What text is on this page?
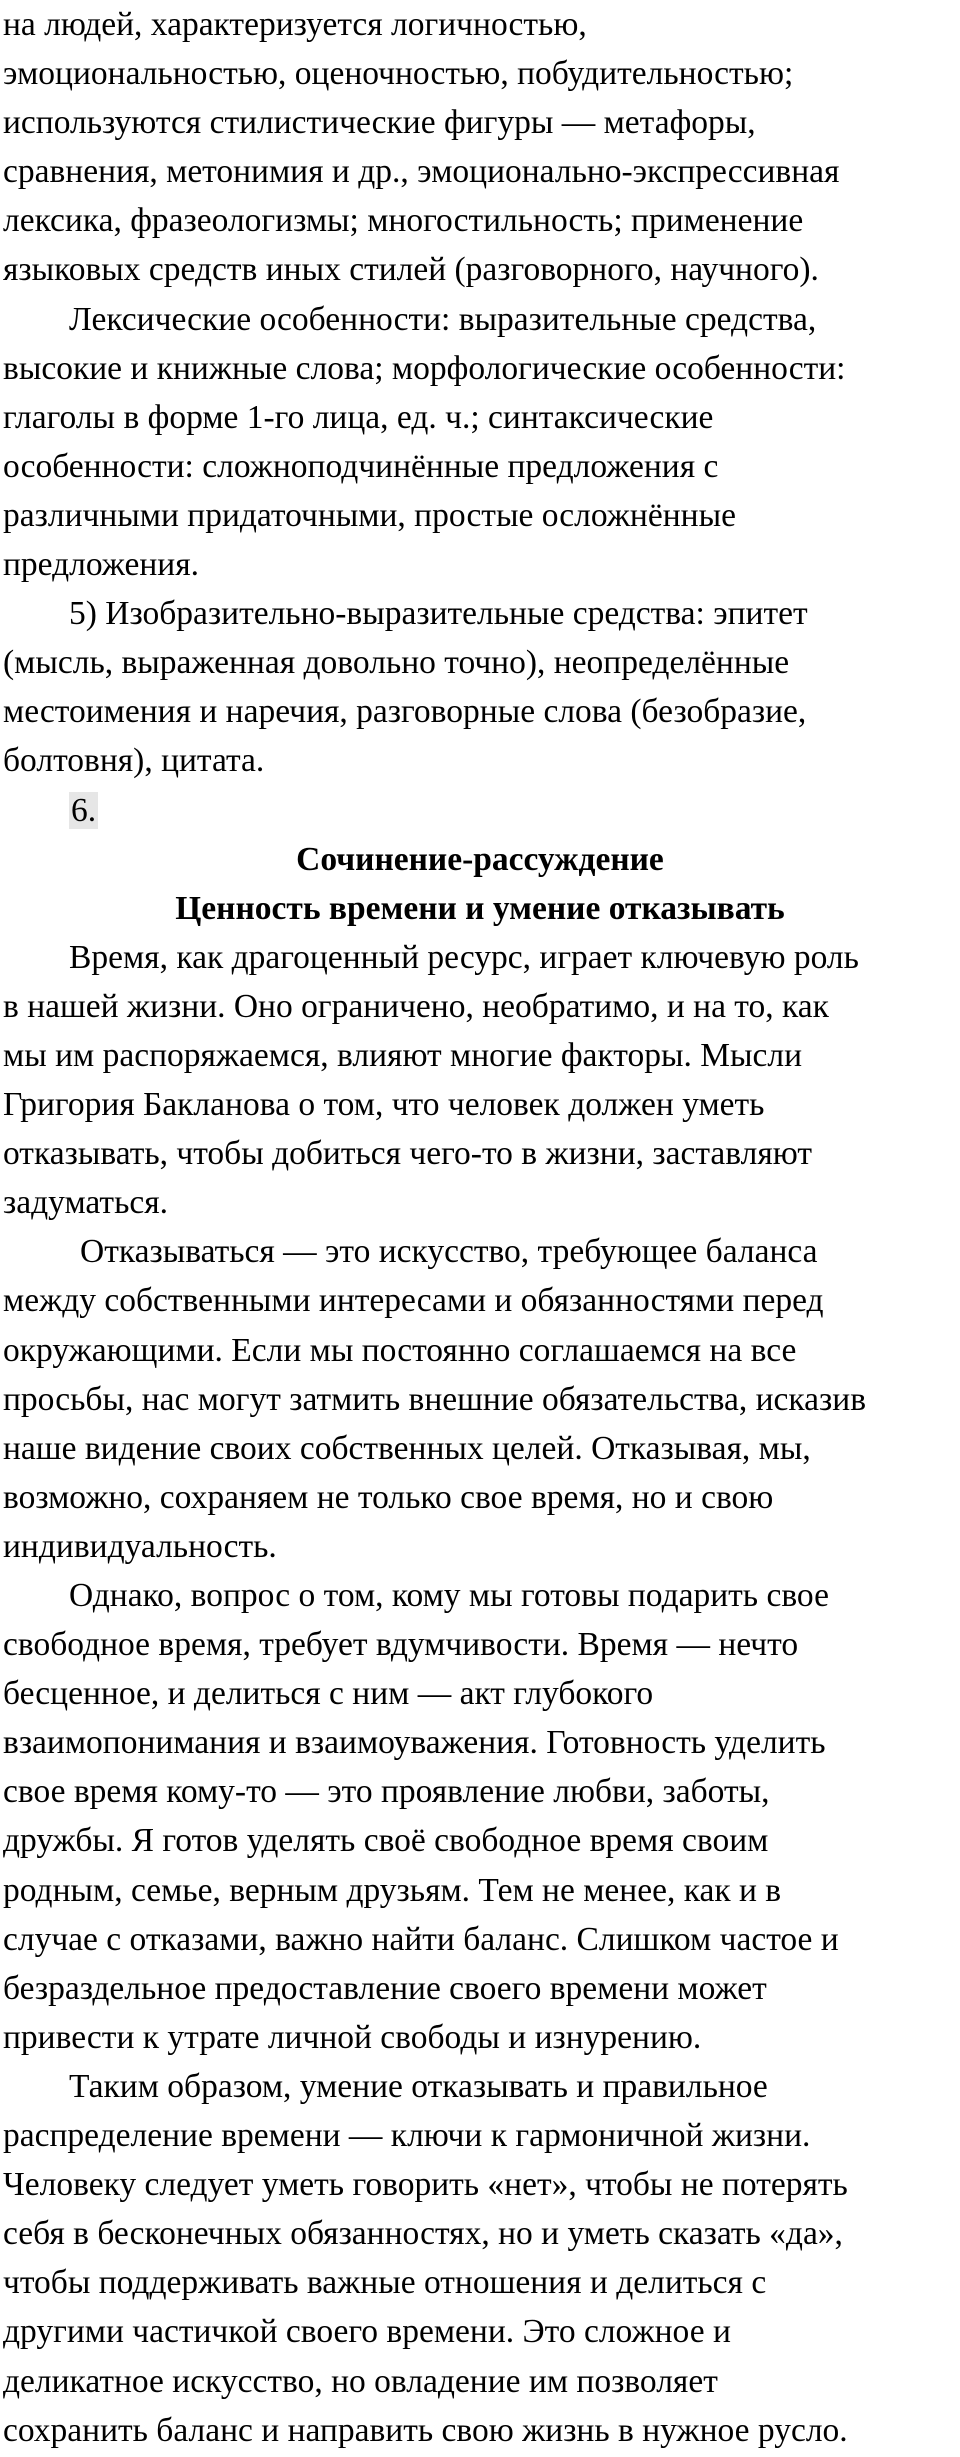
на людей, характеризуется логичностью,
эмоциональностью, оценочностью, побудительностью;
используются стилистические фигуры — метафоры,
сравнения, метонимия и др., эмоционально-экспрессивная
лексика, фразеологизмы; многостильность; применение
языковых средств иных стилей (разговорного, научного).
Лексические особенности: выразительные средства,
высокие и книжные слова; морфологические особенности:
глаголы в форме 1-го лица, ед. ч.; синтаксические
особенности: сложноподчинённые предложения с
различными придаточными, простые осложнённые
предложения.
5) Изобразительно-выразительные средства: эпитет
(мысль, выраженная довольно точно), неопределённые
местоимения и наречия, разговорные слова (безобразие,
болтовня), цитата.
6.
Сочинение-рассуждение
Ценность времени и умение отказывать
Время, как драгоценный ресурс, играет ключевую роль
в нашей жизни. Оно ограничено, необратимо, и на то, как
мы им распоряжаемся, влияют многие факторы. Мысли
Григория Бакланова о том, что человек должен уметь
отказывать, чтобы добиться чего-то в жизни, заставляют
задуматься.
Отказываться — это искусство, требующее баланса
между собственными интересами и обязанностями перед
окружающими. Если мы постоянно соглашаемся на все
просьбы, нас могут затмить внешние обязательства, исказив
наше видение своих собственных целей. Отказывая, мы,
возможно, сохраняем не только свое время, но и свою
индивидуальность.
Однако, вопрос о том, кому мы готовы подарить свое
свободное время, требует вдумчивости. Время — нечто
бесценное, и делиться с ним — акт глубокого
взаимопонимания и взаимоуважения. Готовность уделить
свое время кому-то — это проявление любви, заботы,
дружбы. Я готов уделять своё свободное время своим
родным, семье, верным друзьям. Тем не менее, как и в
случае с отказами, важно найти баланс. Слишком частое и
безраздельное предоставление своего времени может
привести к утрате личной свободы и изнурению.
Таким образом, умение отказывать и правильное
распределение времени — ключи к гармоничной жизни.
Человеку следует уметь говорить «нет», чтобы не потерять
себя в бесконечных обязанностях, но и уметь сказать «да»,
чтобы поддерживать важные отношения и делиться с
другими частичкой своего времени. Это сложное и
деликатное искусство, но овладение им позволяет
сохранить баланс и направить свою жизнь в нужное русло.
